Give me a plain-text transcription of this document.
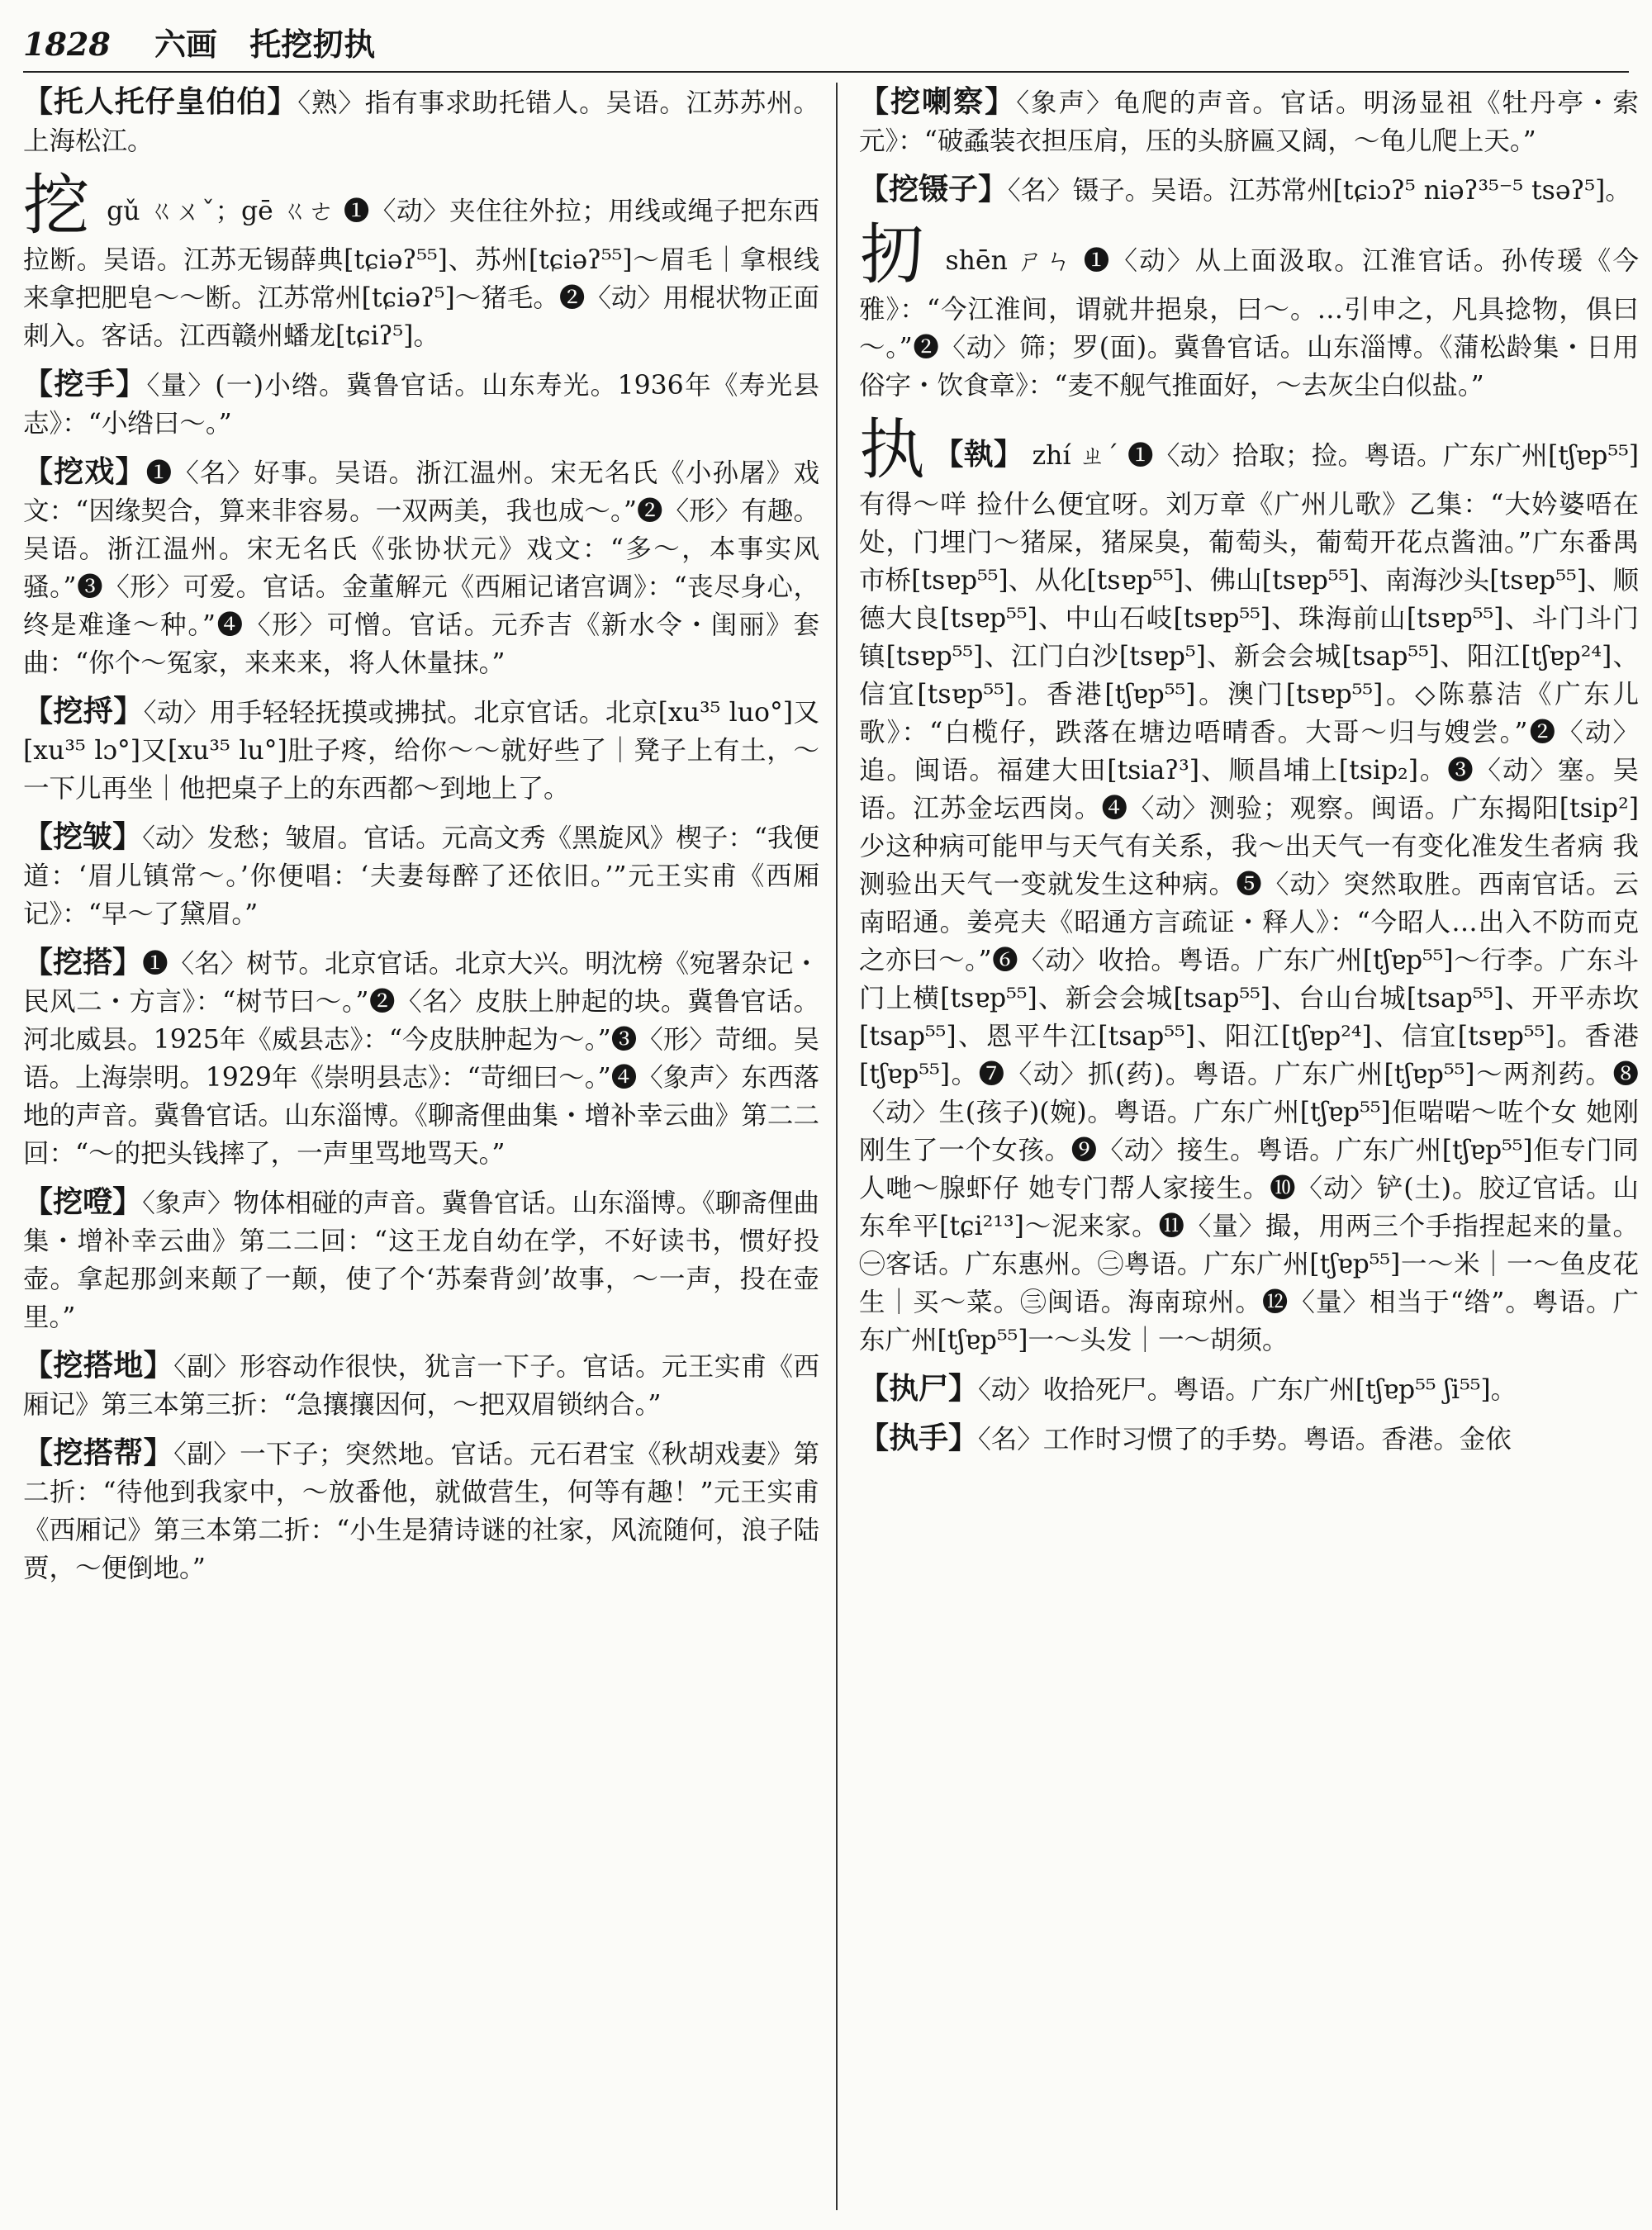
1828 六画 托挖扨执

【托人托仔皇伯伯】〈熟〉指有事求助托错人。吴语。江苏苏州。上海松江。

挖 gǔ ㄍㄨˇ；gē ㄍㄜ ❶〈动〉夹住往外拉；用线或绳子把东西拉断。吴语。江苏无锡薛典[tɕiəʔ⁵⁵]、苏州[tɕiəʔ⁵⁵]～眉毛｜拿根线来拿把肥皂～～断。江苏常州[tɕiəʔ⁵]～猪毛。❷〈动〉用棍状物正面刺入。客话。江西赣州蟠龙[tɕiʔ⁵]。

【挖手】〈量〉(一)小绺。冀鲁官话。山东寿光。1936年《寿光县志》：“小绺曰～。”

【挖戏】❶〈名〉好事。吴语。浙江温州。宋无名氏《小孙屠》戏文：“因缘契合，算来非容易。一双两美，我也成～。”❷〈形〉有趣。吴语。浙江温州。宋无名氏《张协状元》戏文：“多～，本事实风骚。”❸〈形〉可爱。官话。金董解元《西厢记诸宫调》：“丧尽身心，终是难逢～种。”❹〈形〉可憎。官话。元乔吉《新水令・闺丽》套曲：“你个～冤家，来来来，将人休量抹。”

【挖捋】〈动〉用手轻轻抚摸或拂拭。北京官话。北京[xu³⁵ luo°]又[xu³⁵ lɔ°]又[xu³⁵ lu°]肚子疼，给你～～就好些了｜凳子上有土，～一下儿再坐｜他把桌子上的东西都～到地上了。

【挖皱】〈动〉发愁；皱眉。官话。元高文秀《黑旋风》楔子：“我便道：‘眉儿镇常～。’你便唱：‘夫妻每醉了还依旧。’”元王实甫《西厢记》：“早～了黛眉。”

【挖搭】❶〈名〉树节。北京官话。北京大兴。明沈榜《宛署杂记・民风二・方言》：“树节曰～。”❷〈名〉皮肤上肿起的块。冀鲁官话。河北威县。1925年《威县志》：“今皮肤肿起为～。”❸〈形〉苛细。吴语。上海崇明。1929年《崇明县志》：“苛细曰～。”❹〈象声〉东西落地的声音。冀鲁官话。山东淄博。《聊斋俚曲集・增补幸云曲》第二二回：“～的把头钱摔了，一声里骂地骂天。”

【挖噔】〈象声〉物体相碰的声音。冀鲁官话。山东淄博。《聊斋俚曲集・增补幸云曲》第二二回：“这王龙自幼在学，不好读书，惯好投壶。拿起那剑来颠了一颠，使了个‘苏秦背剑’故事，～一声，投在壶里。”

【挖搭地】〈副〉形容动作很快，犹言一下子。官话。元王实甫《西厢记》第三本第三折：“急攘攘因何，～把双眉锁纳合。”

【挖搭帮】〈副〉一下子；突然地。官话。元石君宝《秋胡戏妻》第二折：“待他到我家中，～放番他，就做营生，何等有趣！”元王实甫《西厢记》第三本第二折：“小生是猜诗谜的社家，风流随何，浪子陆贾，～便倒地。”

【挖喇察】〈象声〉龟爬的声音。官话。明汤显祖《牡丹亭・索元》：“破蟊装衣担压肩，压的头脐匾又阔，～龟儿爬上天。”

【挖镊子】〈名〉镊子。吴语。江苏常州[tɕiɔʔ⁵ niəʔ³⁵⁻⁵ tsəʔ⁵]。

扨 shēn ㄕㄣ ❶〈动〉从上面汲取。江淮官话。孙传瑗《今雅》：“今江淮间，谓就井挹泉，曰～。…引申之，凡具捻物，俱曰～。”❷〈动〉筛；罗(面)。冀鲁官话。山东淄博。《蒲松龄集・日用俗字・饮食章》：“麦不舰气推面好，～去灰尘白似盐。”

执 【執】 zhí ㄓˊ ❶〈动〉拾取；捡。粤语。广东广州[tʃɐp⁵⁵]有得～咩 捡什么便宜呀。刘万章《广州儿歌》乙集：“大妗婆唔在处，门埋门～猪屎，猪屎臭，葡萄头，葡萄开花点酱油。”广东番禺市桥[tsɐp⁵⁵]、从化[tsɐp⁵⁵]、佛山[tsɐp⁵⁵]、南海沙头[tsɐp⁵⁵]、顺德大良[tsɐp⁵⁵]、中山石岐[tsɐp⁵⁵]、珠海前山[tsɐp⁵⁵]、斗门斗门镇[tsɐp⁵⁵]、江门白沙[tsɐp⁵]、新会会城[tsap⁵⁵]、阳江[tʃɐp²⁴]、信宜[tsɐp⁵⁵]。香港[tʃɐp⁵⁵]。澳门[tsɐp⁵⁵]。◇陈慕洁《广东儿歌》：“白榄仔，跌落在塘边唔晴香。大哥～归与嫂尝。”❷〈动〉追。闽语。福建大田[tsiaʔ³]、顺昌埔上[tsip₂]。❸〈动〉塞。吴语。江苏金坛西岗。❹〈动〉测验；观察。闽语。广东揭阳[tsip²]少这种病可能甲与天气有关系，我～出天气一有变化准发生者病 我测验出天气一变就发生这种病。❺〈动〉突然取胜。西南官话。云南昭通。姜亮夫《昭通方言疏证・释人》：“今昭人…出入不防而克之亦曰～。”❻〈动〉收拾。粤语。广东广州[tʃɐp⁵⁵]～行李。广东斗门上横[tsɐp⁵⁵]、新会会城[tsap⁵⁵]、台山台城[tsap⁵⁵]、开平赤坎[tsap⁵⁵]、恩平牛江[tsap⁵⁵]、阳江[tʃɐp²⁴]、信宜[tsɐp⁵⁵]。香港[tʃɐp⁵⁵]。❼〈动〉抓(药)。粤语。广东广州[tʃɐp⁵⁵]～两剂药。❽〈动〉生(孩子)(婉)。粤语。广东广州[tʃɐp⁵⁵]佢啱啱～咗个女 她刚刚生了一个女孩。❾〈动〉接生。粤语。广东广州[tʃɐp⁵⁵]佢专门同人哋～腺虾仔 她专门帮人家接生。❿〈动〉铲(土)。胶辽官话。山东牟平[tɕi²¹³]～泥来家。⓫〈量〉撮，用两三个手指捏起来的量。㊀客话。广东惠州。㊁粤语。广东广州[tʃɐp⁵⁵]一～米｜一～鱼皮花生｜买～菜。㊂闽语。海南琼州。⓬〈量〉相当于“绺”。粤语。广东广州[tʃɐp⁵⁵]一～头发｜一～胡须。

【执尸】〈动〉收拾死尸。粤语。广东广州[tʃɐp⁵⁵ ʃi⁵⁵]。

【执手】〈名〉工作时习惯了的手势。粤语。香港。金依
